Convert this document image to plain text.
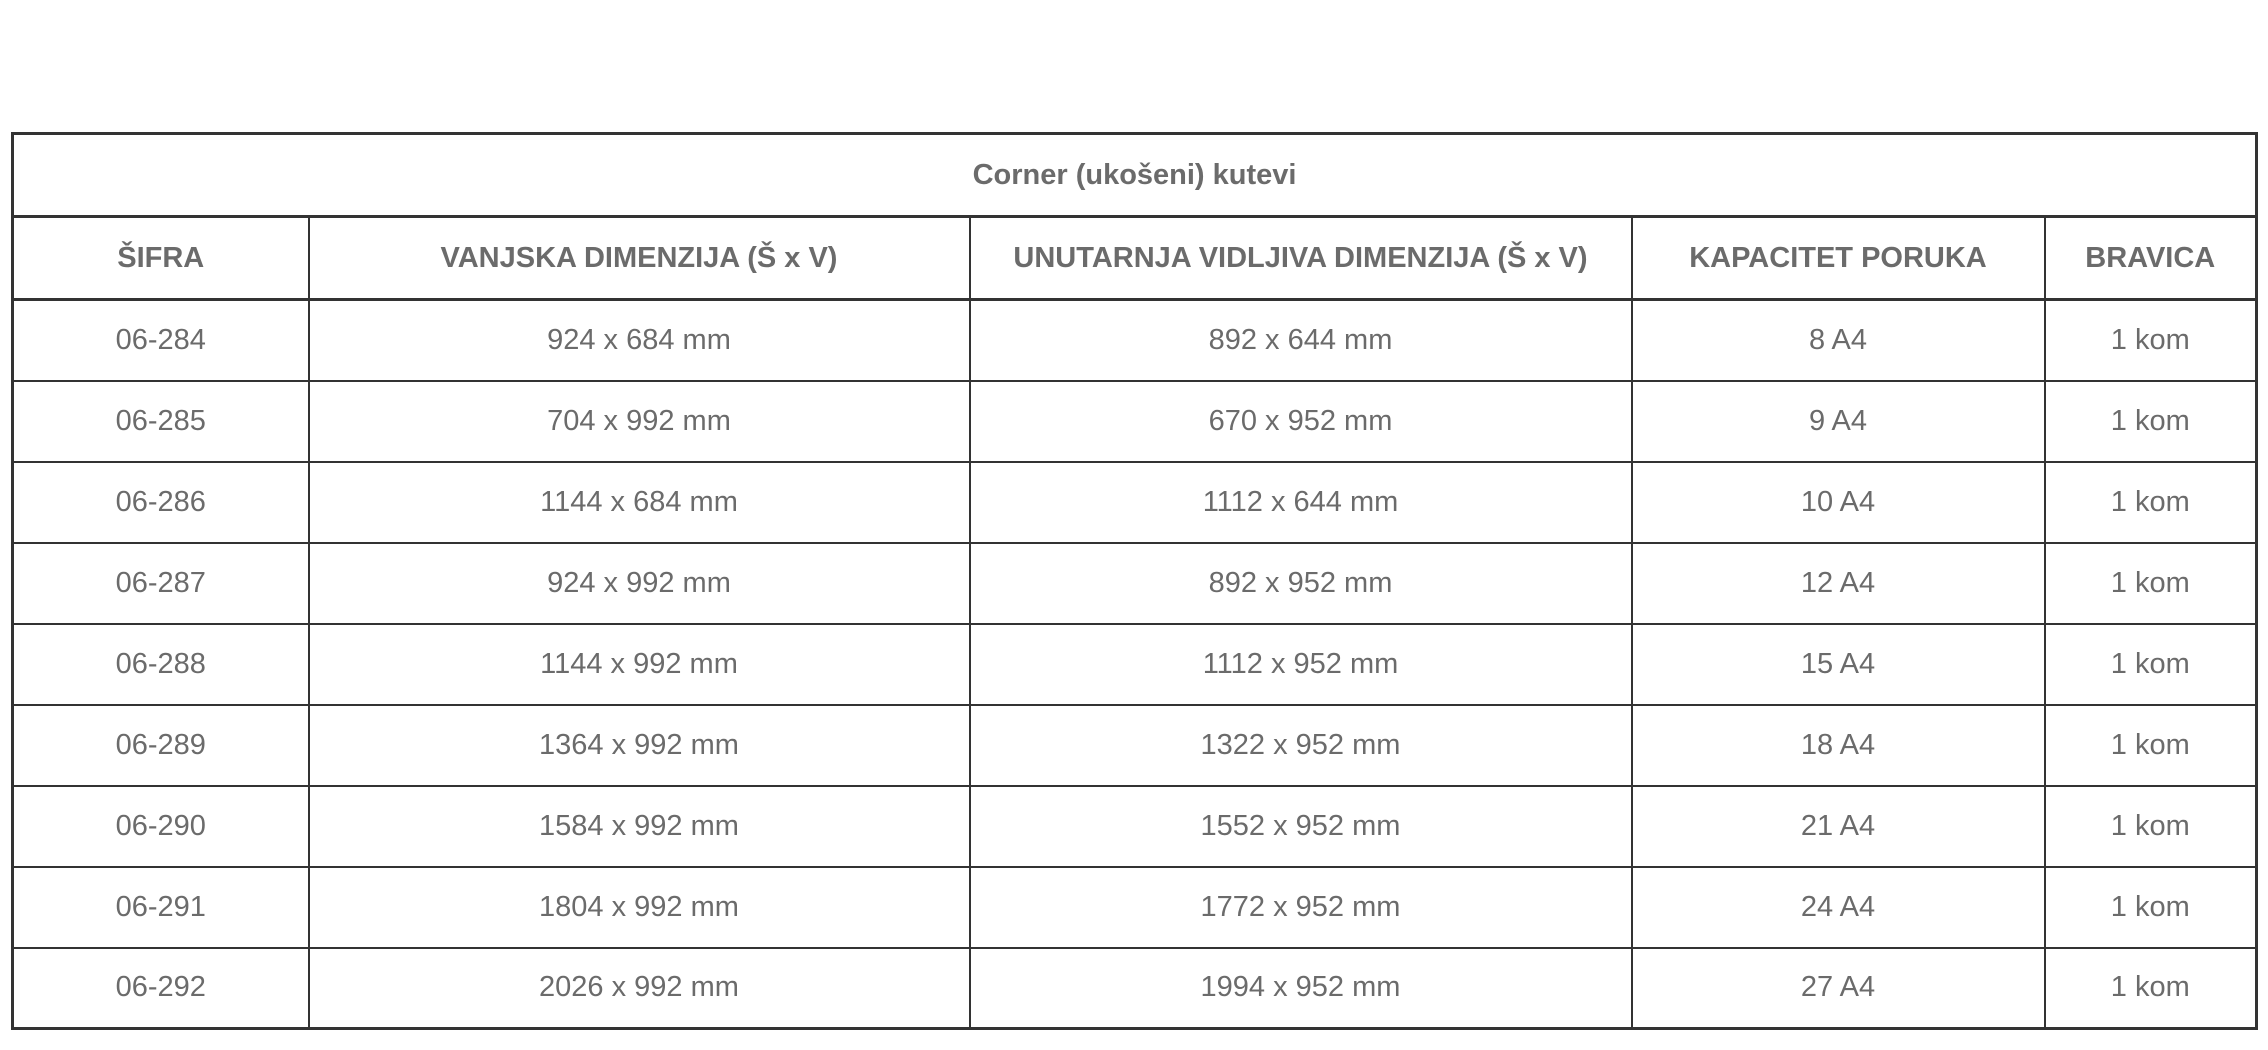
Corner (ukošeni) kutevi				
ŠIFRA	VANJSKA DIMENZIJA (Š x V)	UNUTARNJA VIDLJIVA DIMENZIJA (Š x V)	KAPACITET PORUKA	BRAVICA
06-284	924 x 684 mm	892 x 644 mm	8 A4	1 kom
06-285	704 x 992 mm	670 x 952 mm	9 A4	1 kom
06-286	1144 x 684 mm	1112 x 644 mm	10 A4	1 kom
06-287	924 x 992 mm	892 x 952 mm	12 A4	1 kom
06-288	1144 x 992 mm	1112 x 952 mm	15 A4	1 kom
06-289	1364 x 992 mm	1322 x 952 mm	18 A4	1 kom
06-290	1584 x 992 mm	1552 x 952 mm	21 A4	1 kom
06-291	1804 x 992 mm	1772 x 952 mm	24 A4	1 kom
06-292	2026 x 992 mm	1994 x 952 mm	27 A4	1 kom
